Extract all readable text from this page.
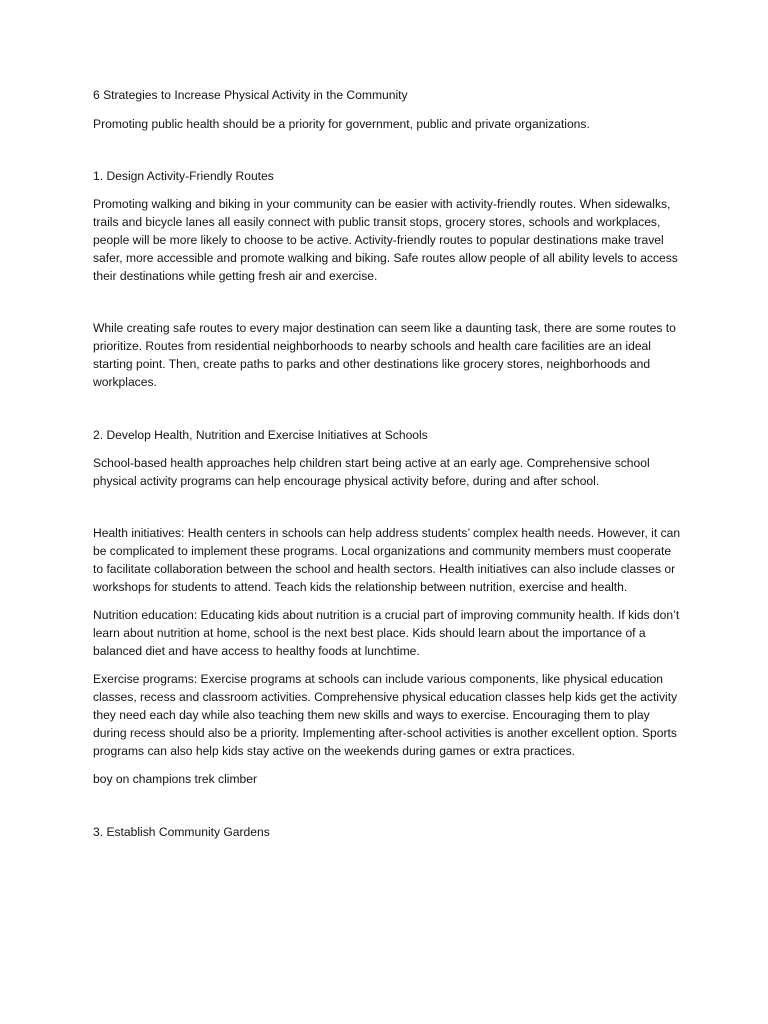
6 Strategies to Increase Physical Activity in the Community

Promoting public health should be a priority for government, public and private organizations.

1. Design Activity-Friendly Routes

Promoting walking and biking in your community can be easier with activity-friendly routes. When sidewalks, trails and bicycle lanes all easily connect with public transit stops, grocery stores, schools and workplaces, people will be more likely to choose to be active. Activity-friendly routes to popular destinations make travel safer, more accessible and promote walking and biking. Safe routes allow people of all ability levels to access their destinations while getting fresh air and exercise.

While creating safe routes to every major destination can seem like a daunting task, there are some routes to prioritize. Routes from residential neighborhoods to nearby schools and health care facilities are an ideal starting point. Then, create paths to parks and other destinations like grocery stores, neighborhoods and workplaces.

2. Develop Health, Nutrition and Exercise Initiatives at Schools

School-based health approaches help children start being active at an early age. Comprehensive school physical activity programs can help encourage physical activity before, during and after school.

Health initiatives: Health centers in schools can help address students’ complex health needs. However, it can be complicated to implement these programs. Local organizations and community members must cooperate to facilitate collaboration between the school and health sectors. Health initiatives can also include classes or workshops for students to attend. Teach kids the relationship between nutrition, exercise and health.

Nutrition education: Educating kids about nutrition is a crucial part of improving community health. If kids don’t learn about nutrition at home, school is the next best place. Kids should learn about the importance of a balanced diet and have access to healthy foods at lunchtime.

Exercise programs: Exercise programs at schools can include various components, like physical education classes, recess and classroom activities. Comprehensive physical education classes help kids get the activity they need each day while also teaching them new skills and ways to exercise. Encouraging them to play during recess should also be a priority. Implementing after-school activities is another excellent option. Sports programs can also help kids stay active on the weekends during games or extra practices.

boy on champions trek climber

3. Establish Community Gardens
